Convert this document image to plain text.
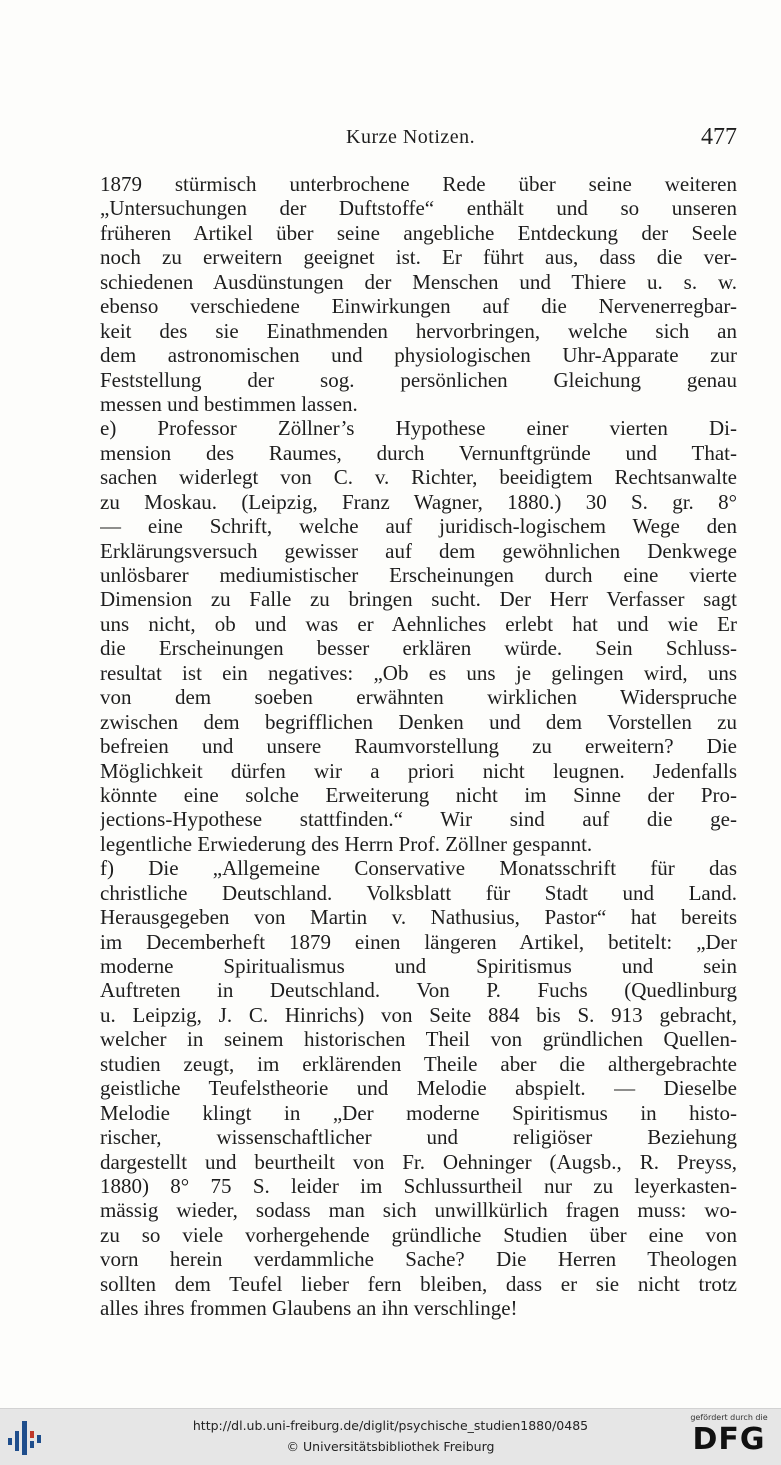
Kurze Notizen.	477
1879 stürmisch unterbrochene Rede über seine weiteren
„Untersuchungen der Duftstoffe“ enthält und so unseren
früheren Artikel über seine angebliche Entdeckung der Seele
noch zu erweitern geeignet ist. Er führt aus, dass die ver-
schiedenen Ausdünstungen der Menschen und Thiere u. s. w.
ebenso verschiedene Einwirkungen auf die Nervenerregbar-
keit des sie Einathmenden hervorbringen, welche sich an
dem astronomischen und physiologischen Uhr-Apparate zur
Feststellung der sog. persönlichen Gleichung genau
messen und bestimmen lassen.
e) Professor Zöllner’s Hypothese einer vierten Di-
mension des Raumes, durch Vernunftgründe und That-
sachen widerlegt von C. v. Richter, beeidigtem Rechtsanwalte
zu Moskau. (Leipzig, Franz Wagner, 1880.) 30 S. gr. 8°
— eine Schrift, welche auf juridisch-logischem Wege den
Erklärungsversuch gewisser auf dem gewöhnlichen Denkwege
unlösbarer mediumistischer Erscheinungen durch eine vierte
Dimension zu Falle zu bringen sucht. Der Herr Verfasser sagt
uns nicht, ob und was er Aehnliches erlebt hat und wie Er
die Erscheinungen besser erklären würde. Sein Schluss-
resultat ist ein negatives: „Ob es uns je gelingen wird, uns
von dem soeben erwähnten wirklichen Widerspruche
zwischen dem begrifflichen Denken und dem Vorstellen zu
befreien und unsere Raumvorstellung zu erweitern? Die
Möglichkeit dürfen wir a priori nicht leugnen. Jedenfalls
könnte eine solche Erweiterung nicht im Sinne der Pro-
jections-Hypothese stattfinden.“ Wir sind auf die ge-
legentliche Erwiederung des Herrn Prof. Zöllner gespannt.
f) Die „Allgemeine Conservative Monatsschrift für das
christliche Deutschland. Volksblatt für Stadt und Land.
Herausgegeben von Martin v. Nathusius, Pastor“ hat bereits
im Decemberheft 1879 einen längeren Artikel, betitelt: „Der
moderne Spiritualismus und Spiritismus und sein
Auftreten in Deutschland. Von P. Fuchs (Quedlinburg
u. Leipzig, J. C. Hinrichs) von Seite 884 bis S. 913 gebracht,
welcher in seinem historischen Theil von gründlichen Quellen-
studien zeugt, im erklärenden Theile aber die althergebrachte
geistliche Teufelstheorie und Melodie abspielt. — Dieselbe
Melodie klingt in „Der moderne Spiritismus in histo-
rischer, wissenschaftlicher und religiöser Beziehung
dargestellt und beurtheilt von Fr. Oehninger (Augsb., R. Preyss,
1880) 8° 75 S. leider im Schlussurtheil nur zu leyerkasten-
mässig wieder, sodass man sich unwillkürlich fragen muss: wo-
zu so viele vorhergehende gründliche Studien über eine von
vorn herein verdammliche Sache? Die Herren Theologen
sollten dem Teufel lieber fern bleiben, dass er sie nicht trotz
alles ihres frommen Glaubens an ihn verschlinge!
http://dl.ub.uni-freiburg.de/diglit/psychische_studien1880/0485
© Universitätsbibliothek Freiburg
gefördert durch die
DFG
